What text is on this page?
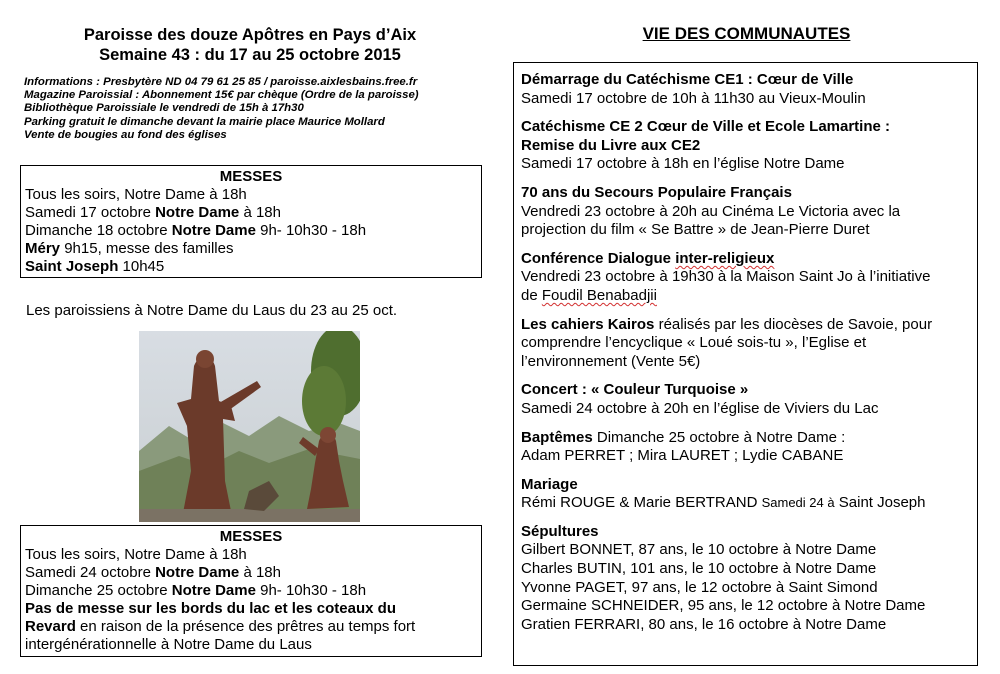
Paroisse des douze Apôtres en Pays d’Aix
Semaine 43 : du 17 au 25 octobre 2015
Informations : Presbytère ND 04 79 61 25 85 / paroisse.aixlesbains.free.fr
Magazine Paroissial : Abonnement 15€ par chèque (Ordre de la paroisse)
Bibliothèque Paroissiale le vendredi de 15h à 17h30
Parking gratuit le dimanche devant la mairie place Maurice Mollard
Vente de bougies au fond des églises
MESSES
Tous les soirs, Notre Dame à 18h
Samedi 17 octobre Notre Dame à 18h
Dimanche 18 octobre Notre Dame 9h- 10h30 - 18h
Méry 9h15, messe des familles
Saint Joseph 10h45
Les paroissiens à Notre Dame du Laus du 23 au 25 oct.
MESSES
Tous les soirs, Notre Dame à 18h
Samedi 24 octobre Notre Dame à 18h
Dimanche 25 octobre Notre Dame 9h- 10h30 - 18h
Pas de messe sur les bords du lac et les coteaux du
Revard en raison de la présence des prêtres au temps fort
intergénérationnelle à Notre Dame du Laus
VIE DES COMMUNAUTES
Démarrage du Catéchisme CE1 : Cœur de Ville
Samedi 17 octobre de 10h à 11h30 au Vieux-Moulin
Catéchisme CE 2 Cœur de Ville et Ecole Lamartine :
Remise du Livre aux CE2
Samedi 17 octobre à 18h en l’église Notre Dame
70 ans du Secours Populaire Français
Vendredi 23 octobre à 20h au Cinéma Le Victoria avec la
projection du film « Se Battre » de Jean-Pierre Duret
Conférence Dialogue inter-religieux
Vendredi 23 octobre à 19h30 à la Maison Saint Jo à l’initiative
de Foudil Benabadjii
Les cahiers Kairos réalisés par les diocèses de Savoie, pour
comprendre l’encyclique « Loué sois-tu », l’Eglise et
l’environnement (Vente 5€)
Concert : « Couleur Turquoise »
Samedi 24 octobre à 20h en l’église de Viviers du Lac
Baptêmes Dimanche 25 octobre à Notre Dame :
Adam PERRET ; Mira LAURET ; Lydie CABANE
Mariage
Rémi ROUGE & Marie BERTRAND Samedi 24 à Saint Joseph
Sépultures
Gilbert BONNET, 87 ans, le 10 octobre à Notre Dame
Charles BUTIN, 101 ans, le 10 octobre à Notre Dame
Yvonne PAGET, 97 ans, le 12 octobre à Saint Simond
Germaine SCHNEIDER, 95 ans, le 12 octobre à Notre Dame
Gratien FERRARI, 80 ans, le 16 octobre à Notre Dame
